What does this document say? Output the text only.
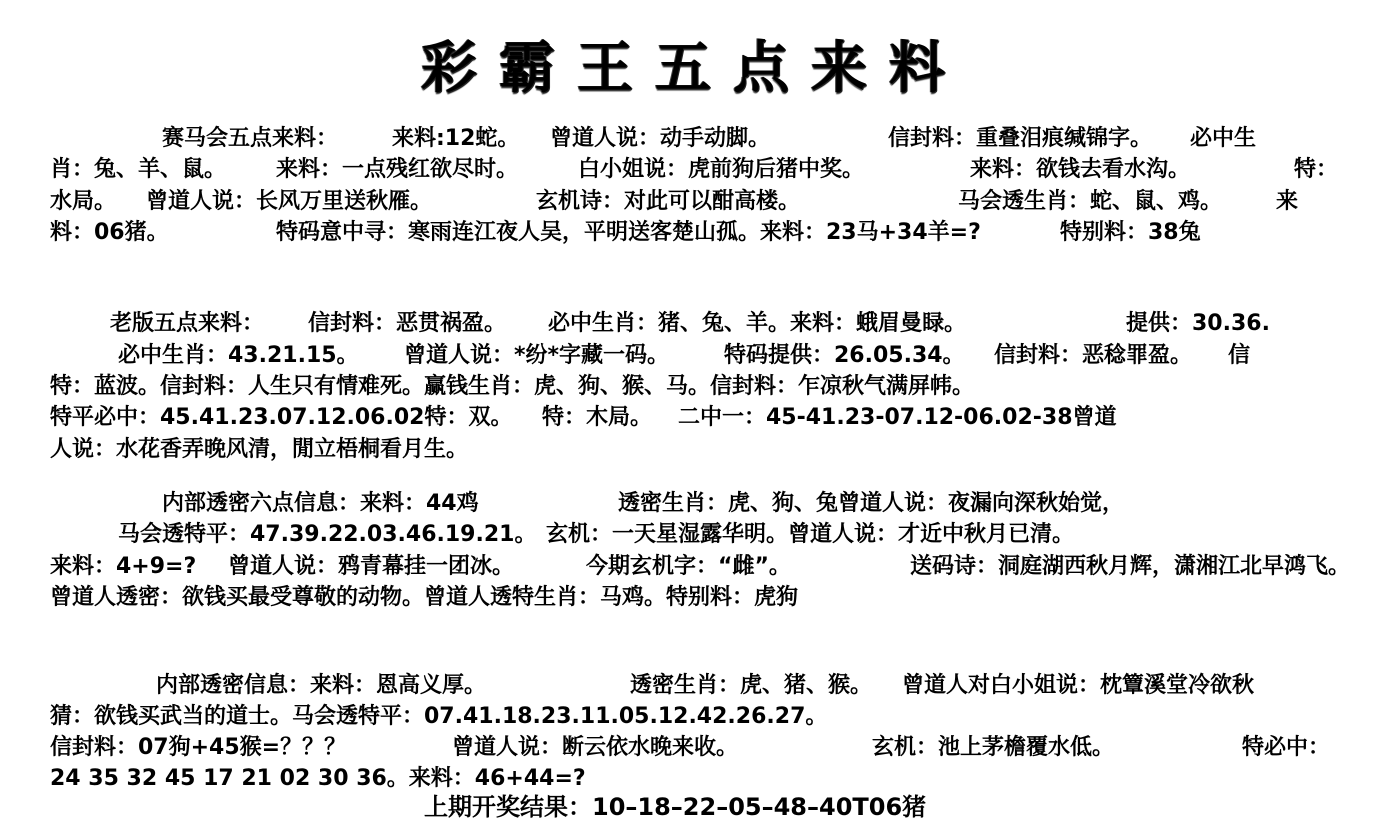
彩霸王五点来料
赛马会五点来料： 来料:12蛇。 曾道人说：动手动脚。	信封料：重叠泪痕缄锦字。 必中生
肖：兔、羊、鼠。 来料：一点残红欲尽时。	白小姐说：虎前狗后猪中奖。	来料：欲钱去看水沟。	特：
水局。 曾道人说：长风万里送秋雁。	玄机诗：对此可以酣高楼。	马会透生肖：蛇、鼠、鸡。 来
料：06猪。	特码意中寻：寒雨连江夜人吴，平明送客楚山孤。来料：23马+34羊=?	特别料：38兔
老版五点来料： 信封料：恶贯祸盈。 必中生肖：猪、兔、羊。来料：蛾眉曼睩。	提供：30.36.
必中生肖：43.21.15。 曾道人说：*纷*字藏一码。 特码提供：26.05.34。 信封料：恶稔罪盈。 信
特：蓝波。信封料：人生只有情难死。赢钱生肖：虎、狗、猴、马。信封料：乍凉秋气满屏帏。
特平必中：45.41.23.07.12.06.02特：双。 特：木局。 二中一：45-41.23-07.12-06.02-38曾道
人说：水花香弄晚风清，閒立梧桐看月生。
内部透密六点信息：来料：44鸡	透密生肖：虎、狗、兔曾道人说：夜漏向深秋始觉，
马会透特平：47.39.22.03.46.19.21。 玄机：一天星湿露华明。曾道人说：才近中秋月已清。
来料：4+9=? 曾道人说：鸦青幕挂一团冰。	今期玄机字：“雌”。	送码诗：洞庭湖西秋月辉，潇湘江北早鸿飞。
曾道人透密：欲钱买最受尊敬的动物。曾道人透特生肖：马鸡。特别料：虎狗
内部透密信息：来料：恩高义厚。	透密生肖：虎、猪、猴。 曾道人对白小姐说：枕簟溪堂冷欲秋
猜：欲钱买武当的道士。马会透特平：07.41.18.23.11.05.12.42.26.27。
信封料：07狗+45猴=？？？	曾道人说：断云依水晚来收。	玄机：池上茅檐覆水低。	特必中：
24 35 32 45 17 21 02 30 36。来料：46+44=?
上期开奖结果：10–18–22–05–48–40T06猪
